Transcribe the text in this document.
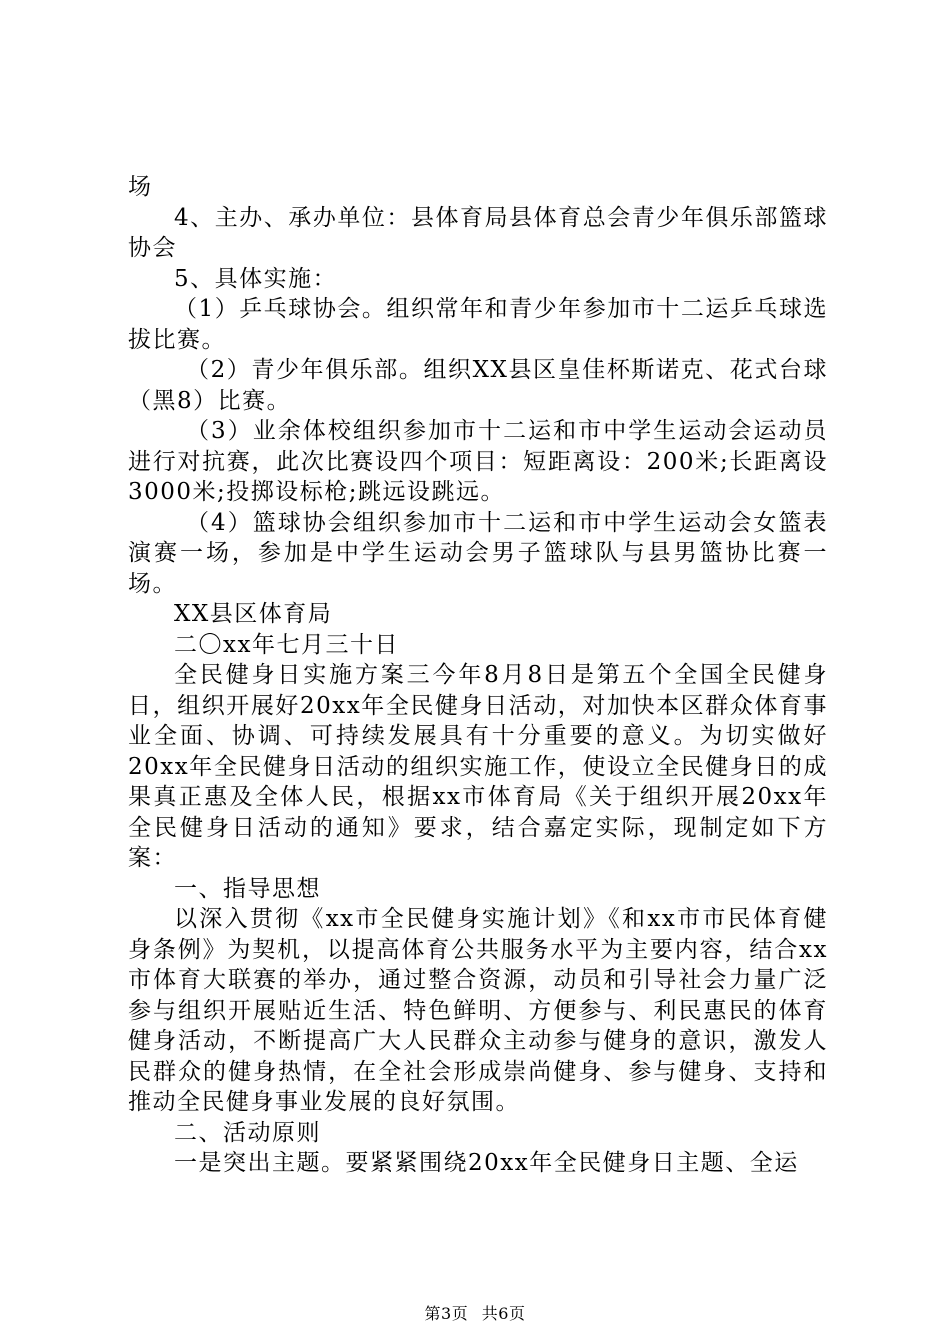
场

4、主办、承办单位：县体育局县体育总会青少年俱乐部篮球协会

5、具体实施：

（1）乒乓球协会。组织常年和青少年参加市十二运乒乓球选拔比赛。

（2）青少年俱乐部。组织XX县区皇佳杯斯诺克、花式台球（黑8）比赛。

（3）业余体校组织参加市十二运和市中学生运动会运动员进行对抗赛，此次比赛设四个项目：短距离设：200米;长距离设3000米;投掷设标枪;跳远设跳远。

（4）篮球协会组织参加市十二运和市中学生运动会女篮表演赛一场，参加是中学生运动会男子篮球队与县男篮协比赛一场。

XX县区体育局

二〇xx年七月三十日

全民健身日实施方案三今年8月8日是第五个全国全民健身日，组织开展好20xx年全民健身日活动，对加快本区群众体育事业全面、协调、可持续发展具有十分重要的意义。为切实做好20xx年全民健身日活动的组织实施工作，使设立全民健身日的成果真正惠及全体人民，根据xx市体育局《关于组织开展20xx年全民健身日活动的通知》要求，结合嘉定实际，现制定如下方案：

一、指导思想

以深入贯彻《xx市全民健身实施计划》《和xx市市民体育健身条例》为契机，以提高体育公共服务水平为主要内容，结合xx市体育大联赛的举办，通过整合资源，动员和引导社会力量广泛参与组织开展贴近生活、特色鲜明、方便参与、利民惠民的体育健身活动，不断提高广大人民群众主动参与健身的意识，激发人民群众的健身热情，在全社会形成崇尚健身、参与健身、支持和推动全民健身事业发展的良好氛围。

二、活动原则

一是突出主题。要紧紧围绕20xx年全民健身日主题、全运

第3页 共6页
